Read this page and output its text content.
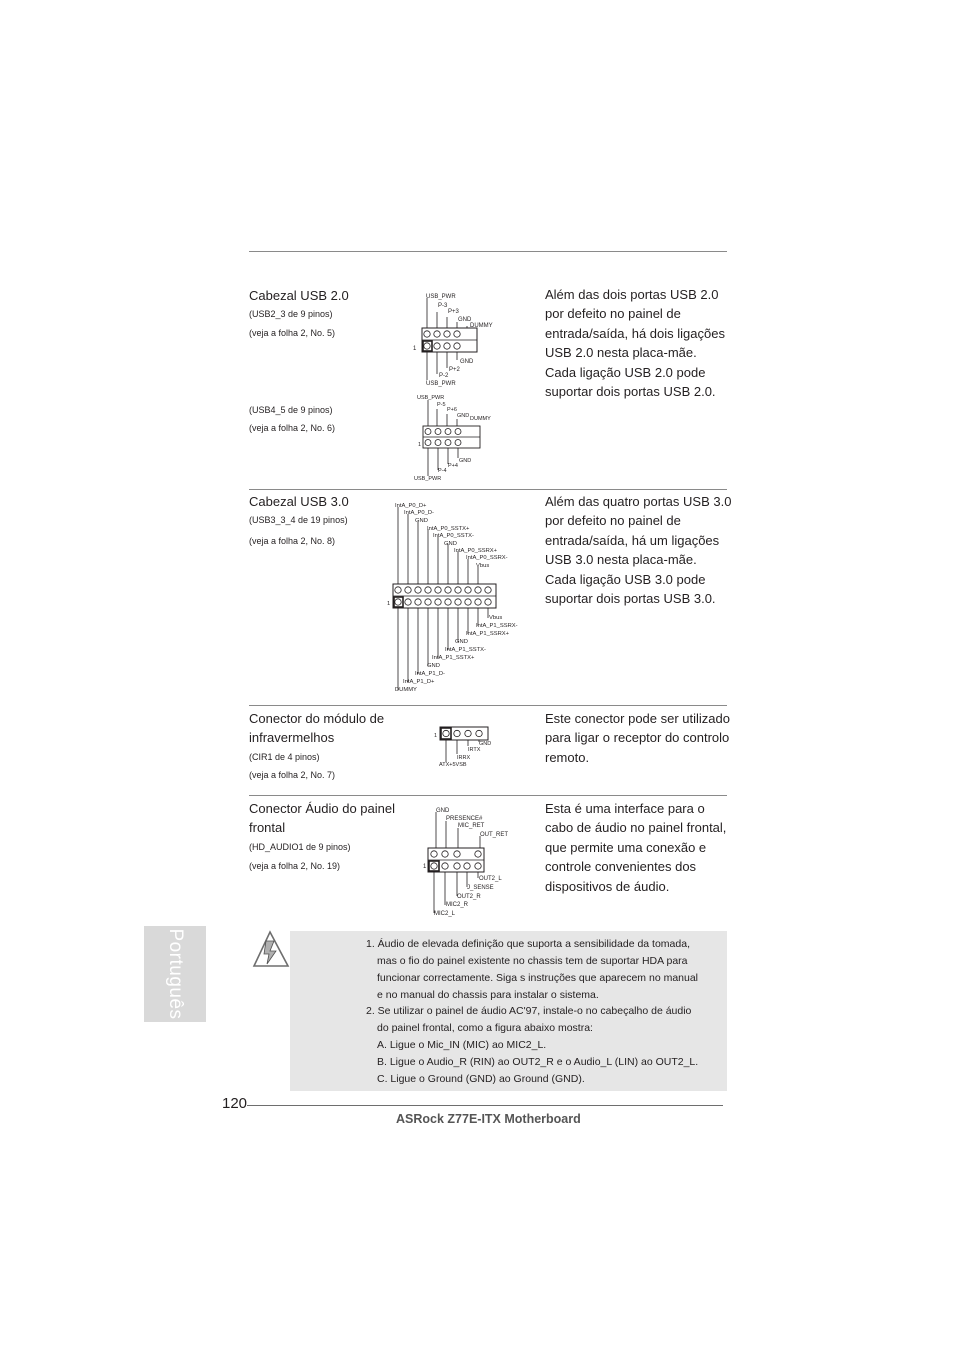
Cabezal USB 2.0
(USB2_3 de 9 pinos)
(veja a folha 2, No. 5)
(USB4_5 de 9 pinos)
(veja a folha 2, No. 6)
Além das dois portas USB 2.0
por defeito no painel de
entrada/saída, há dois ligações
USB 2.0 nesta placa-mãe.
Cada ligação USB 2.0 pode
suportar dois portas USB 2.0.
USB_PWR
P-3
P+3
GND
DUMMY
GND
P+2
P-2
USB_PWR
1
USB_PWR
P-5
P+6
GND DUMMY
GND
P+4
P-4
USB_PWR
1
Cabezal USB 3.0
(USB3_3_4 de 19 pinos)
(veja a folha 2, No. 8)
Além das quatro portas USB 3.0
por defeito no painel de
entrada/saída, há um ligações
USB 3.0 nesta placa-mãe.
Cada ligação USB 3.0 pode
suportar dois portas USB 3.0.
IntA_P0_D+
IntA_P0_D-
GND
IntA_P0_SSTX+
IntA_P0_SSTX-
GND
IntA_P0_SSRX+
IntA_P0_SSRX-
Vbus
Vbus
IntA_P1_SSRX-
IntA_P1_SSRX+
GND
IntA_P1_SSTX-
IntA_P1_SSTX+
GND
IntA_P1_D-
IntA_P1_D+
DUMMY
1
Conector do módulo de
infravermelhos
(CIR1 de 4 pinos)
(veja a folha 2, No. 7)
Este conector pode ser utilizado
para ligar o receptor do controlo
remoto.
GND
IRTX
IRRX
ATX+5VSB
1
Conector Áudio do painel
frontal
(HD_AUDIO1 de 9 pinos)
(veja a folha 2, No. 19)
Esta é uma interface para o
cabo de áudio no painel frontal,
que permite uma conexão e
controle convenientes dos
dispositivos de áudio.
GND
PRESENCE#
MIC_RET
OUT_RET
OUT2_L
J_SENSE
OUT2_R
MIC2_R
MIC2_L
1
Português	1. Áudio de elevada definição que suporta a sensibilidade da tomada,
mas o fio do painel existente no chassis tem de suportar HDA para
funcionar correctamente. Siga s instruções que aparecem no manual
e no manual do chassis para instalar o sistema.
2. Se utilizar o painel de áudio AC'97, instale-o no cabeçalho de áudio
do painel frontal, como a figura abaixo mostra:
A. Ligue o Mic_IN (MIC) ao MIC2_L.
B. Ligue o Audio_R (RIN) ao OUT2_R e o Audio_L (LIN) ao OUT2_L.
C. Ligue o Ground (GND) ao Ground (GND).
120
ASRock Z77E-ITX Motherboard
